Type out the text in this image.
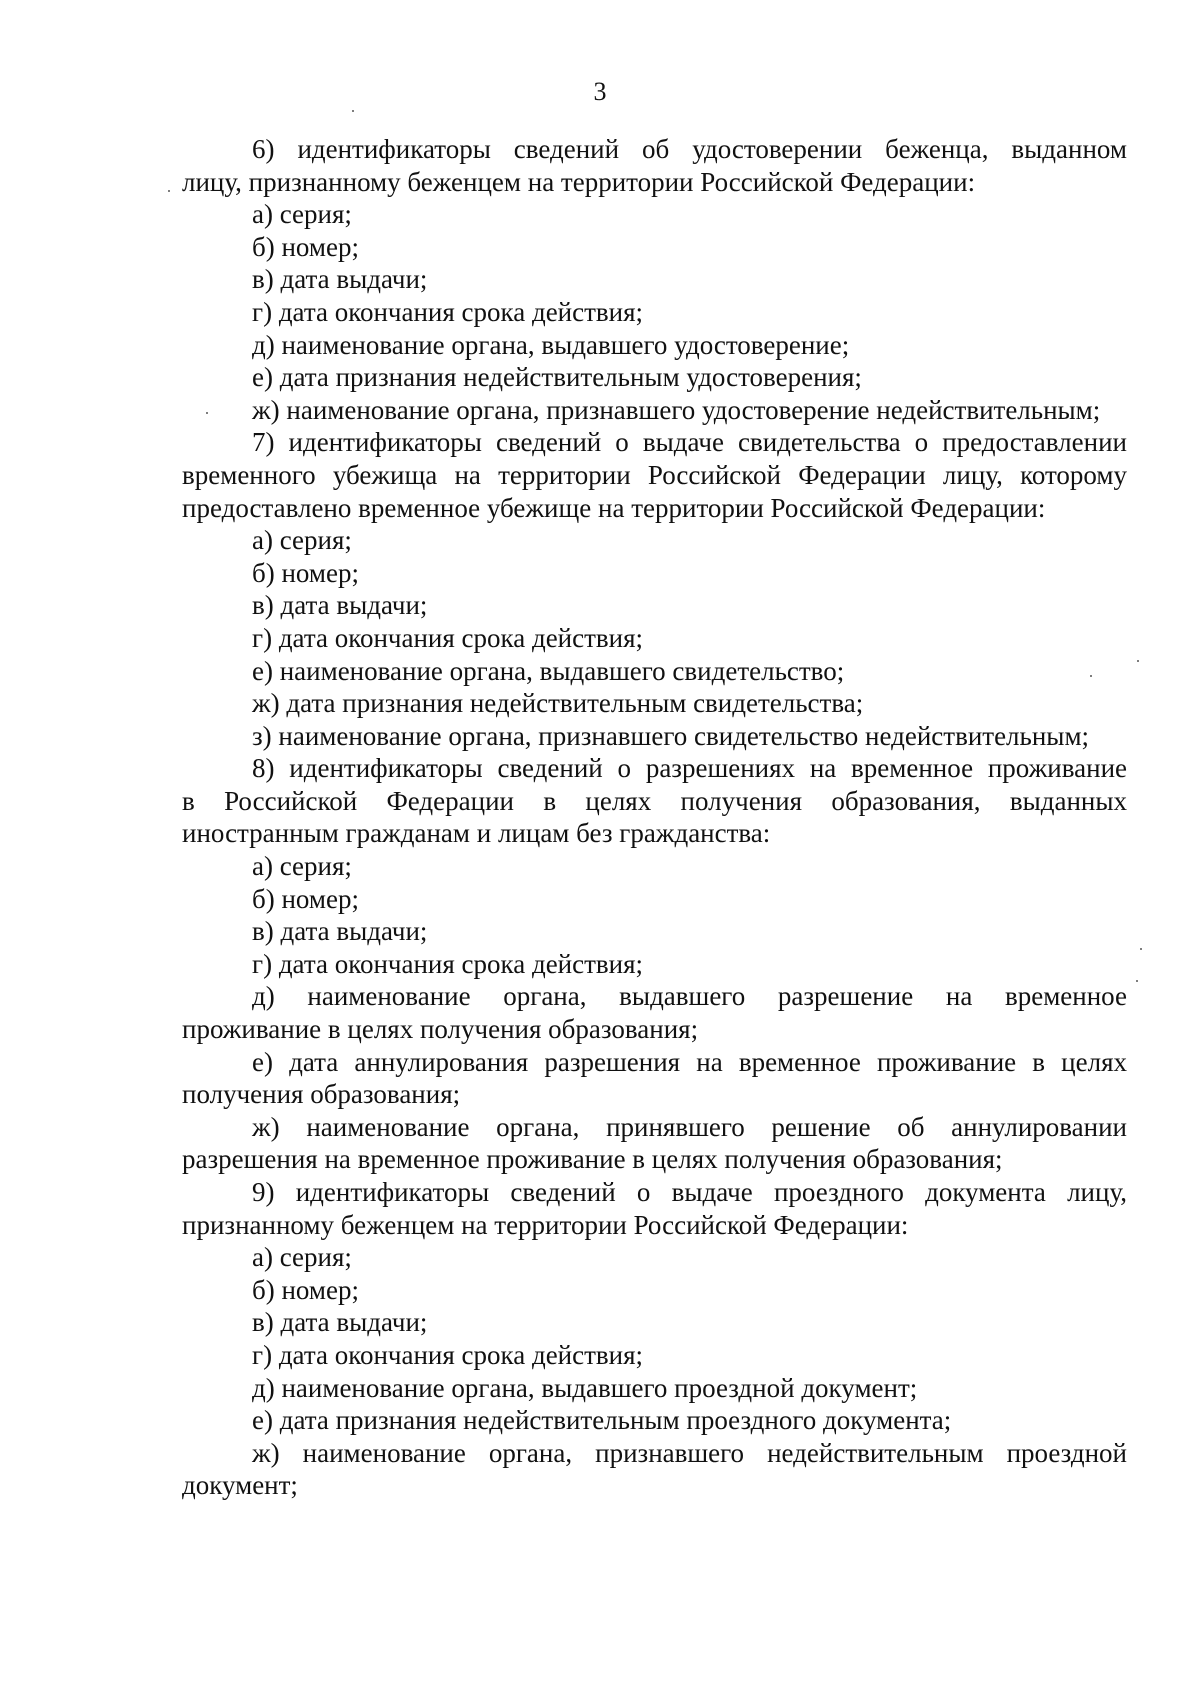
3
6) идентификаторы сведений об удостоверении беженца, выданном
лицу, признанному беженцем на территории Российской Федерации:
а) серия;
б) номер;
в) дата выдачи;
г) дата окончания срока действия;
д) наименование органа, выдавшего удостоверение;
е) дата признания недействительным удостоверения;
ж) наименование органа, признавшего удостоверение недействительным;
7) идентификаторы сведений о выдаче свидетельства о предоставлении
временного убежища на территории Российской Федерации лицу, которому
предоставлено временное убежище на территории Российской Федерации:
а) серия;
б) номер;
в) дата выдачи;
г) дата окончания срока действия;
е) наименование органа, выдавшего свидетельство;
ж) дата признания недействительным свидетельства;
з) наименование органа, признавшего свидетельство недействительным;
8) идентификаторы сведений о разрешениях на временное проживание
в Российской Федерации в целях получения образования, выданных
иностранным гражданам и лицам без гражданства:
а) серия;
б) номер;
в) дата выдачи;
г) дата окончания срока действия;
д) наименование органа, выдавшего разрешение на временное
проживание в целях получения образования;
е) дата аннулирования разрешения на временное проживание в целях
получения образования;
ж) наименование органа, принявшего решение об аннулировании
разрешения на временное проживание в целях получения образования;
9) идентификаторы сведений о выдаче проездного документа лицу,
признанному беженцем на территории Российской Федерации:
а) серия;
б) номер;
в) дата выдачи;
г) дата окончания срока действия;
д) наименование органа, выдавшего проездной документ;
е) дата признания недействительным проездного документа;
ж) наименование органа, признавшего недействительным проездной
документ;
